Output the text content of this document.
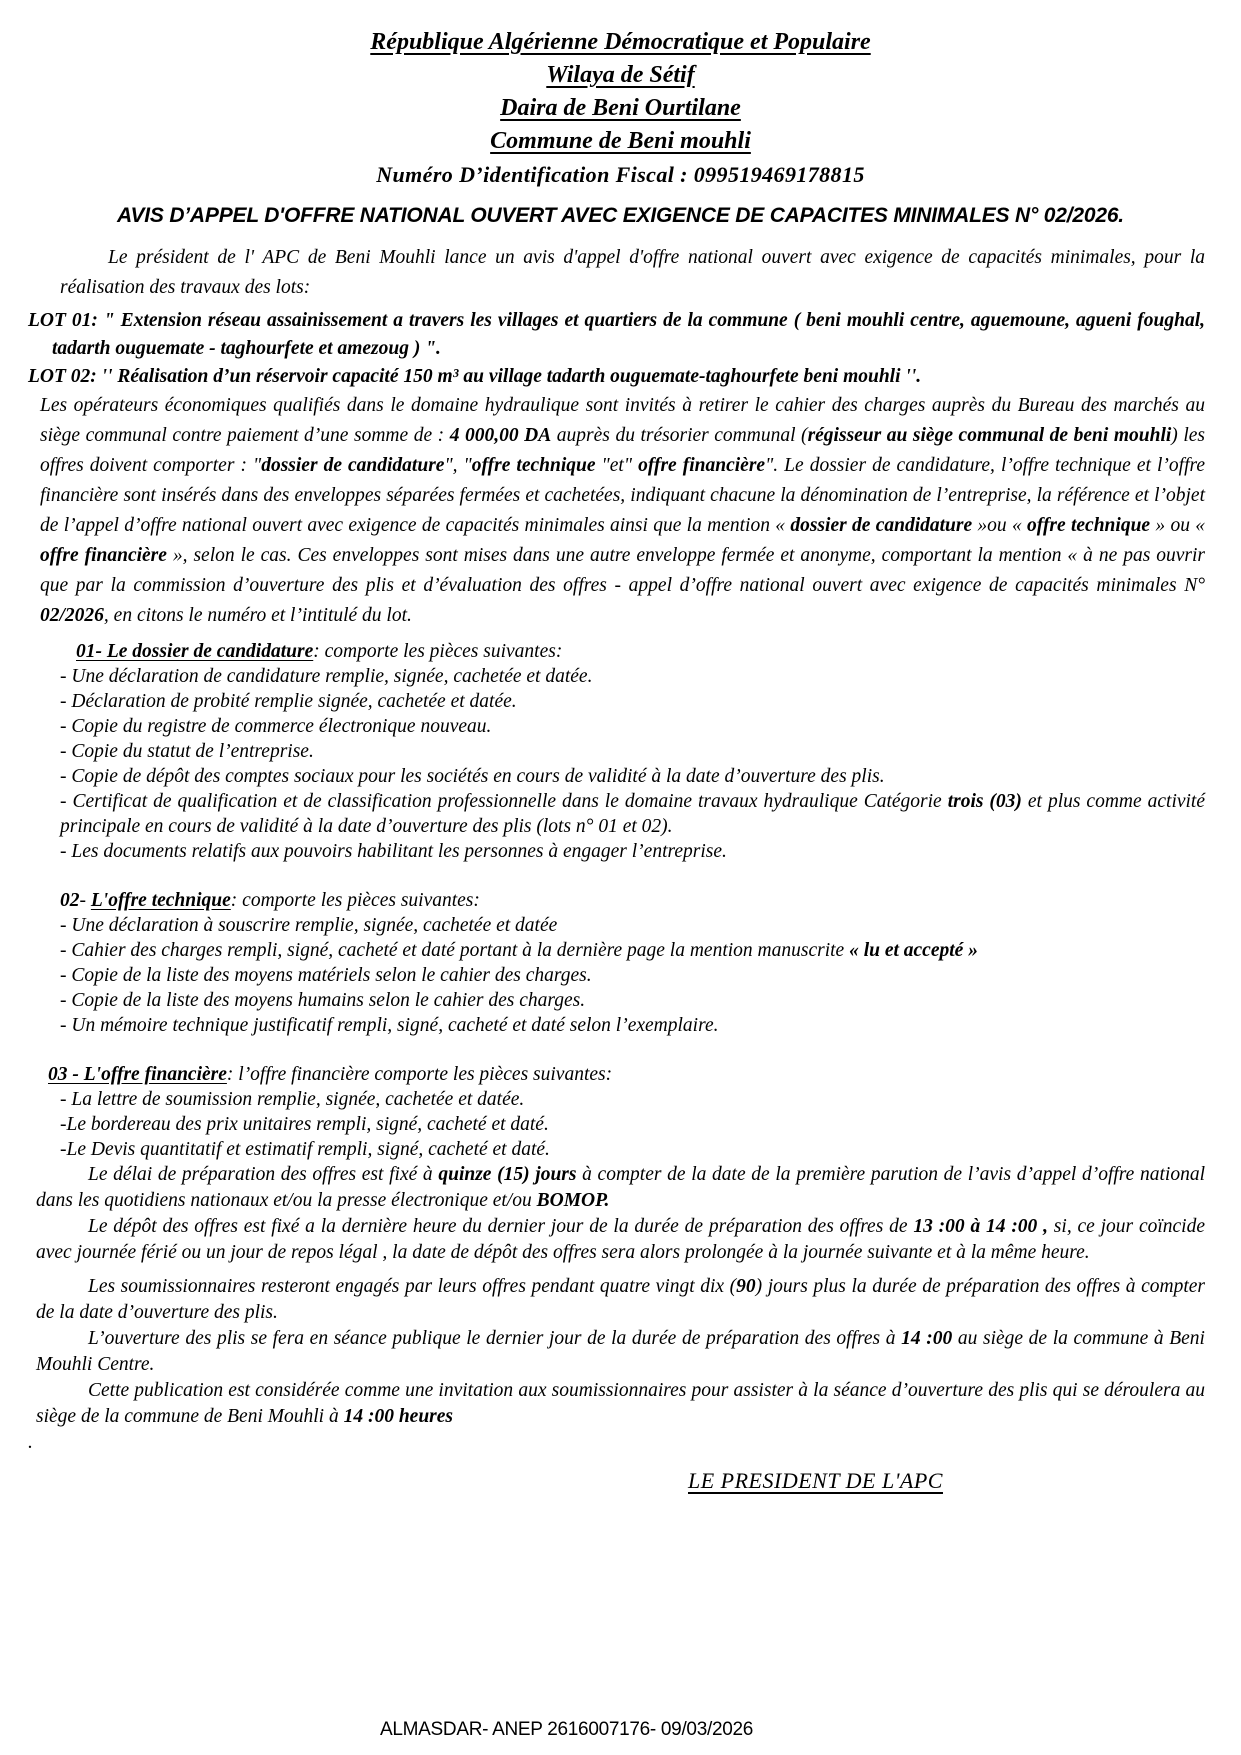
République Algérienne Démocratique et Populaire
Wilaya de Sétif
Daira de Beni Ourtilane
Commune de Beni mouhli
Numéro D’identification Fiscal : 099519469178815
AVIS D’APPEL D'OFFRE NATIONAL OUVERT AVEC EXIGENCE DE CAPACITES MINIMALES N° 02/2026.
Le président de l' APC de Beni Mouhli lance un avis d'appel d'offre national ouvert avec exigence de capacités minimales, pour la réalisation des travaux des lots:
LOT 01: " Extension réseau assainissement a travers les villages et quartiers de la commune ( beni mouhli centre, aguemoune, agueni foughal, tadarth ouguemate - taghourfete et amezoug ) ".
LOT 02: '' Réalisation d’un réservoir capacité 150 m³ au village tadarth ouguemate-taghourfete beni mouhli ''.
Les opérateurs économiques qualifiés dans le domaine hydraulique sont invités à retirer le cahier des charges auprès du Bureau des marchés au siège communal contre paiement d’une somme de : 4 000,00 DA auprès du trésorier communal (régisseur au siège communal de beni mouhli) les offres doivent comporter : "dossier de candidature", "offre technique "et" offre financière". Le dossier de candidature, l’offre technique et l’offre financière sont insérés dans des enveloppes séparées fermées et cachetées, indiquant chacune la dénomination de l’entreprise, la référence et l’objet de l’appel d’offre national ouvert avec exigence de capacités minimales ainsi que la mention « dossier de candidature »ou « offre technique » ou « offre financière », selon le cas. Ces enveloppes sont mises dans une autre enveloppe fermée et anonyme, comportant la mention « à ne pas ouvrir que par la commission d’ouverture des plis et d’évaluation des offres - appel d’offre national ouvert avec exigence de capacités minimales N° 02/2026, en citons le numéro et l’intitulé du lot.
01- Le dossier de candidature: comporte les pièces suivantes:
- Une déclaration de candidature remplie, signée, cachetée et datée.
- Déclaration de probité remplie signée, cachetée et datée.
- Copie du registre de commerce électronique nouveau.
- Copie du statut de l’entreprise.
- Copie de dépôt des comptes sociaux pour les sociétés en cours de validité à la date d’ouverture des plis.
- Certificat de qualification et de classification professionnelle dans le domaine travaux hydraulique Catégorie trois (03) et plus comme activité principale en cours de validité à la date d’ouverture des plis (lots n° 01 et 02).
- Les documents relatifs aux pouvoirs habilitant les personnes à engager l’entreprise.
02- L'offre technique: comporte les pièces suivantes:
- Une déclaration à souscrire remplie, signée, cachetée et datée
- Cahier des charges rempli, signé, cacheté et daté portant à la dernière page la mention manuscrite « lu et accepté »
- Copie de la liste des moyens matériels selon le cahier des charges.
- Copie de la liste des moyens humains selon le cahier des charges.
- Un mémoire technique justificatif rempli, signé, cacheté et daté selon l’exemplaire.
03 - L'offre financière: l’offre financière comporte les pièces suivantes:
- La lettre de soumission remplie, signée, cachetée et datée.
-Le bordereau des prix unitaires rempli, signé, cacheté et daté.
-Le Devis quantitatif et estimatif rempli, signé, cacheté et daté.
Le délai de préparation des offres est fixé à quinze (15) jours à compter de la date de la première parution de l’avis d’appel d’offre national dans les quotidiens nationaux et/ou la presse électronique et/ou BOMOP.
Le dépôt des offres est fixé a la dernière heure du dernier jour de la durée de préparation des offres de 13 :00 à 14 :00 , si, ce jour coïncide avec journée férié ou un jour de repos légal , la date de dépôt des offres sera alors prolongée à la journée suivante et à la même heure.
Les soumissionnaires resteront engagés par leurs offres pendant quatre vingt dix (90) jours plus la durée de préparation des offres à compter de la date d’ouverture des plis.
L’ouverture des plis se fera en séance publique le dernier jour de la durée de préparation des offres à 14 :00 au siège de la commune à Beni Mouhli Centre.
Cette publication est considérée comme une invitation aux soumissionnaires pour assister à la séance d’ouverture des plis qui se déroulera au siège de la commune de Beni Mouhli à 14 :00 heures
.
LE PRESIDENT DE L'APC
ALMASDAR- ANEP 2616007176- 09/03/2026
